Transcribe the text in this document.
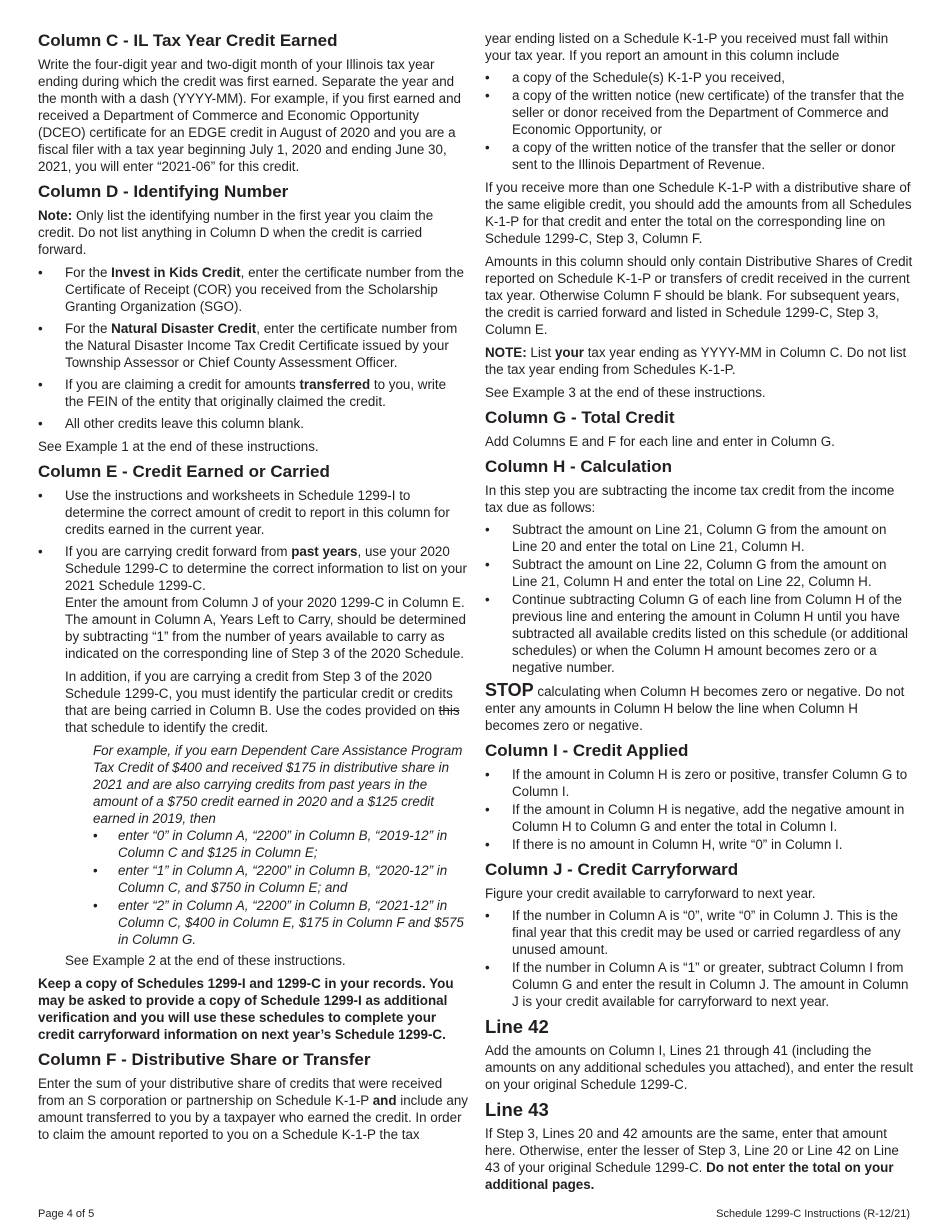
Column C - IL Tax Year Credit Earned

Write the four-digit year and two-digit month of your Illinois tax year ending during which the credit was first earned. Separate the year and the month with a dash (YYYY-MM). For example, if you first earned and received a Department of Commerce and Economic Opportunity (DCEO) certificate for an EDGE credit in August of 2020 and you are a fiscal filer with a tax year beginning July 1, 2020 and ending June 30, 2021, you will enter “2021-06” for this credit.

Column D - Identifying Number

Note: Only list the identifying number in the first year you claim the credit. Do not list anything in Column D when the credit is carried forward.

• For the Invest in Kids Credit, enter the certificate number from the Certificate of Receipt (COR) you received from the Scholarship Granting Organization (SGO).
• For the Natural Disaster Credit, enter the certificate number from the Natural Disaster Income Tax Credit Certificate issued by your Township Assessor or Chief County Assessment Officer.
• If you are claiming a credit for amounts transferred to you, write the FEIN of the entity that originally claimed the credit.
• All other credits leave this column blank.

See Example 1 at the end of these instructions.

Column E - Credit Earned or Carried
• Use the instructions and worksheets in Schedule 1299-I to determine the correct amount of credit to report in this column for credits earned in the current year.
• If you are carrying credit forward from past years, use your 2020 Schedule 1299-C to determine the correct information to list on your 2021 Schedule 1299-C.
Enter the amount from Column J of your 2020 1299-C in Column E. The amount in Column A, Years Left to Carry, should be determined by subtracting “1” from the number of years available to carry as indicated on the corresponding line of Step 3 of the 2020 Schedule.

In addition, if you are carrying a credit from Step 3 of the 2020 Schedule 1299-C, you must identify the particular credit or credits that are being carried in Column B. Use the codes provided on this that schedule to identify the credit.

For example, if you earn Dependent Care Assistance Program Tax Credit of $400 and received $175 in distributive share in 2021 and are also carrying credits from past years in the amount of a $750 credit earned in 2020 and a $125 credit earned in 2019, then

• enter “0” in Column A, “2200” in Column B, “2019-12” in Column C and $125 in Column E;
• enter “1” in Column A, “2200” in Column B, “2020-12” in Column C, and $750 in Column E; and
• enter “2” in Column A, “2200” in Column B, “2021-12” in Column C, $400 in Column E, $175 in Column F and $575 in Column G.

See Example 2 at the end of these instructions.

Keep a copy of Schedules 1299-I and 1299-C in your records. You may be asked to provide a copy of Schedule 1299-I as additional verification and you will use these schedules to complete your credit carryforward information on next year’s Schedule 1299-C.

Column F - Distributive Share or Transfer

Enter the sum of your distributive share of credits that were received from an S corporation or partnership on Schedule K-1-P and include any amount transferred to you by a taxpayer who earned the credit. In order to claim the amount reported to you on a Schedule K-1-P the tax

year ending listed on a Schedule K-1-P you received must fall within your tax year. If you report an amount in this column include

• a copy of the Schedule(s) K-1-P you received,
• a copy of the written notice (new certificate) of the transfer that the seller or donor received from the Department of Commerce and Economic Opportunity, or
• a copy of the written notice of the transfer that the seller or donor sent to the Illinois Department of Revenue.

If you receive more than one Schedule K-1-P with a distributive share of the same eligible credit, you should add the amounts from all Schedules K-1-P for that credit and enter the total on the corresponding line on Schedule 1299-C, Step 3, Column F.

Amounts in this column should only contain Distributive Shares of Credit reported on Schedule K-1-P or transfers of credit received in the current tax year. Otherwise Column F should be blank. For subsequent years, the credit is carried forward and listed in Schedule 1299-C, Step 3, Column E.

NOTE: List your tax year ending as YYYY-MM in Column C. Do not list the tax year ending from Schedules K-1-P.

See Example 3 at the end of these instructions.

Column G - Total Credit

Add Columns E and F for each line and enter in Column G.

Column H - Calculation

In this step you are subtracting the income tax credit from the income tax due as follows:

• Subtract the amount on Line 21, Column G from the amount on Line 20 and enter the total on Line 21, Column H.
• Subtract the amount on Line 22, Column G from the amount on Line 21, Column H and enter the total on Line 22, Column H.
• Continue subtracting Column G of each line from Column H of the previous line and entering the amount in Column H until you have subtracted all available credits listed on this schedule (or additional schedules) or when the Column H amount becomes zero or a negative number.

STOP calculating when Column H becomes zero or negative. Do not enter any amounts in Column H below the line when Column H becomes zero or negative.

Column I - Credit Applied
• If the amount in Column H is zero or positive, transfer Column G to Column I.
• If the amount in Column H is negative, add the negative amount in Column H to Column G and enter the total in Column I.
• If there is no amount in Column H, write “0” in Column I.
Column J - Credit Carryforward

Figure your credit available to carryforward to next year.

• If the number in Column A is “0”, write “0” in Column J. This is the final year that this credit may be used or carried regardless of any unused amount.
• If the number in Column A is “1” or greater, subtract Column I from Column G and enter the result in Column J. The amount in Column J is your credit available for carryforward to next year.
Line 42

Add the amounts on Column I, Lines 21 through 41 (including the amounts on any additional schedules you attached), and enter the result on your original Schedule 1299-C.

Line 43

If Step 3, Lines 20 and 42 amounts are the same, enter that amount here. Otherwise, enter the lesser of Step 3, Line 20 or Line 42 on Line 43 of your original Schedule 1299-C. Do not enter the total on your additional pages.

Page 4 of 5	Schedule 1299-C Instructions (R-12/21)
